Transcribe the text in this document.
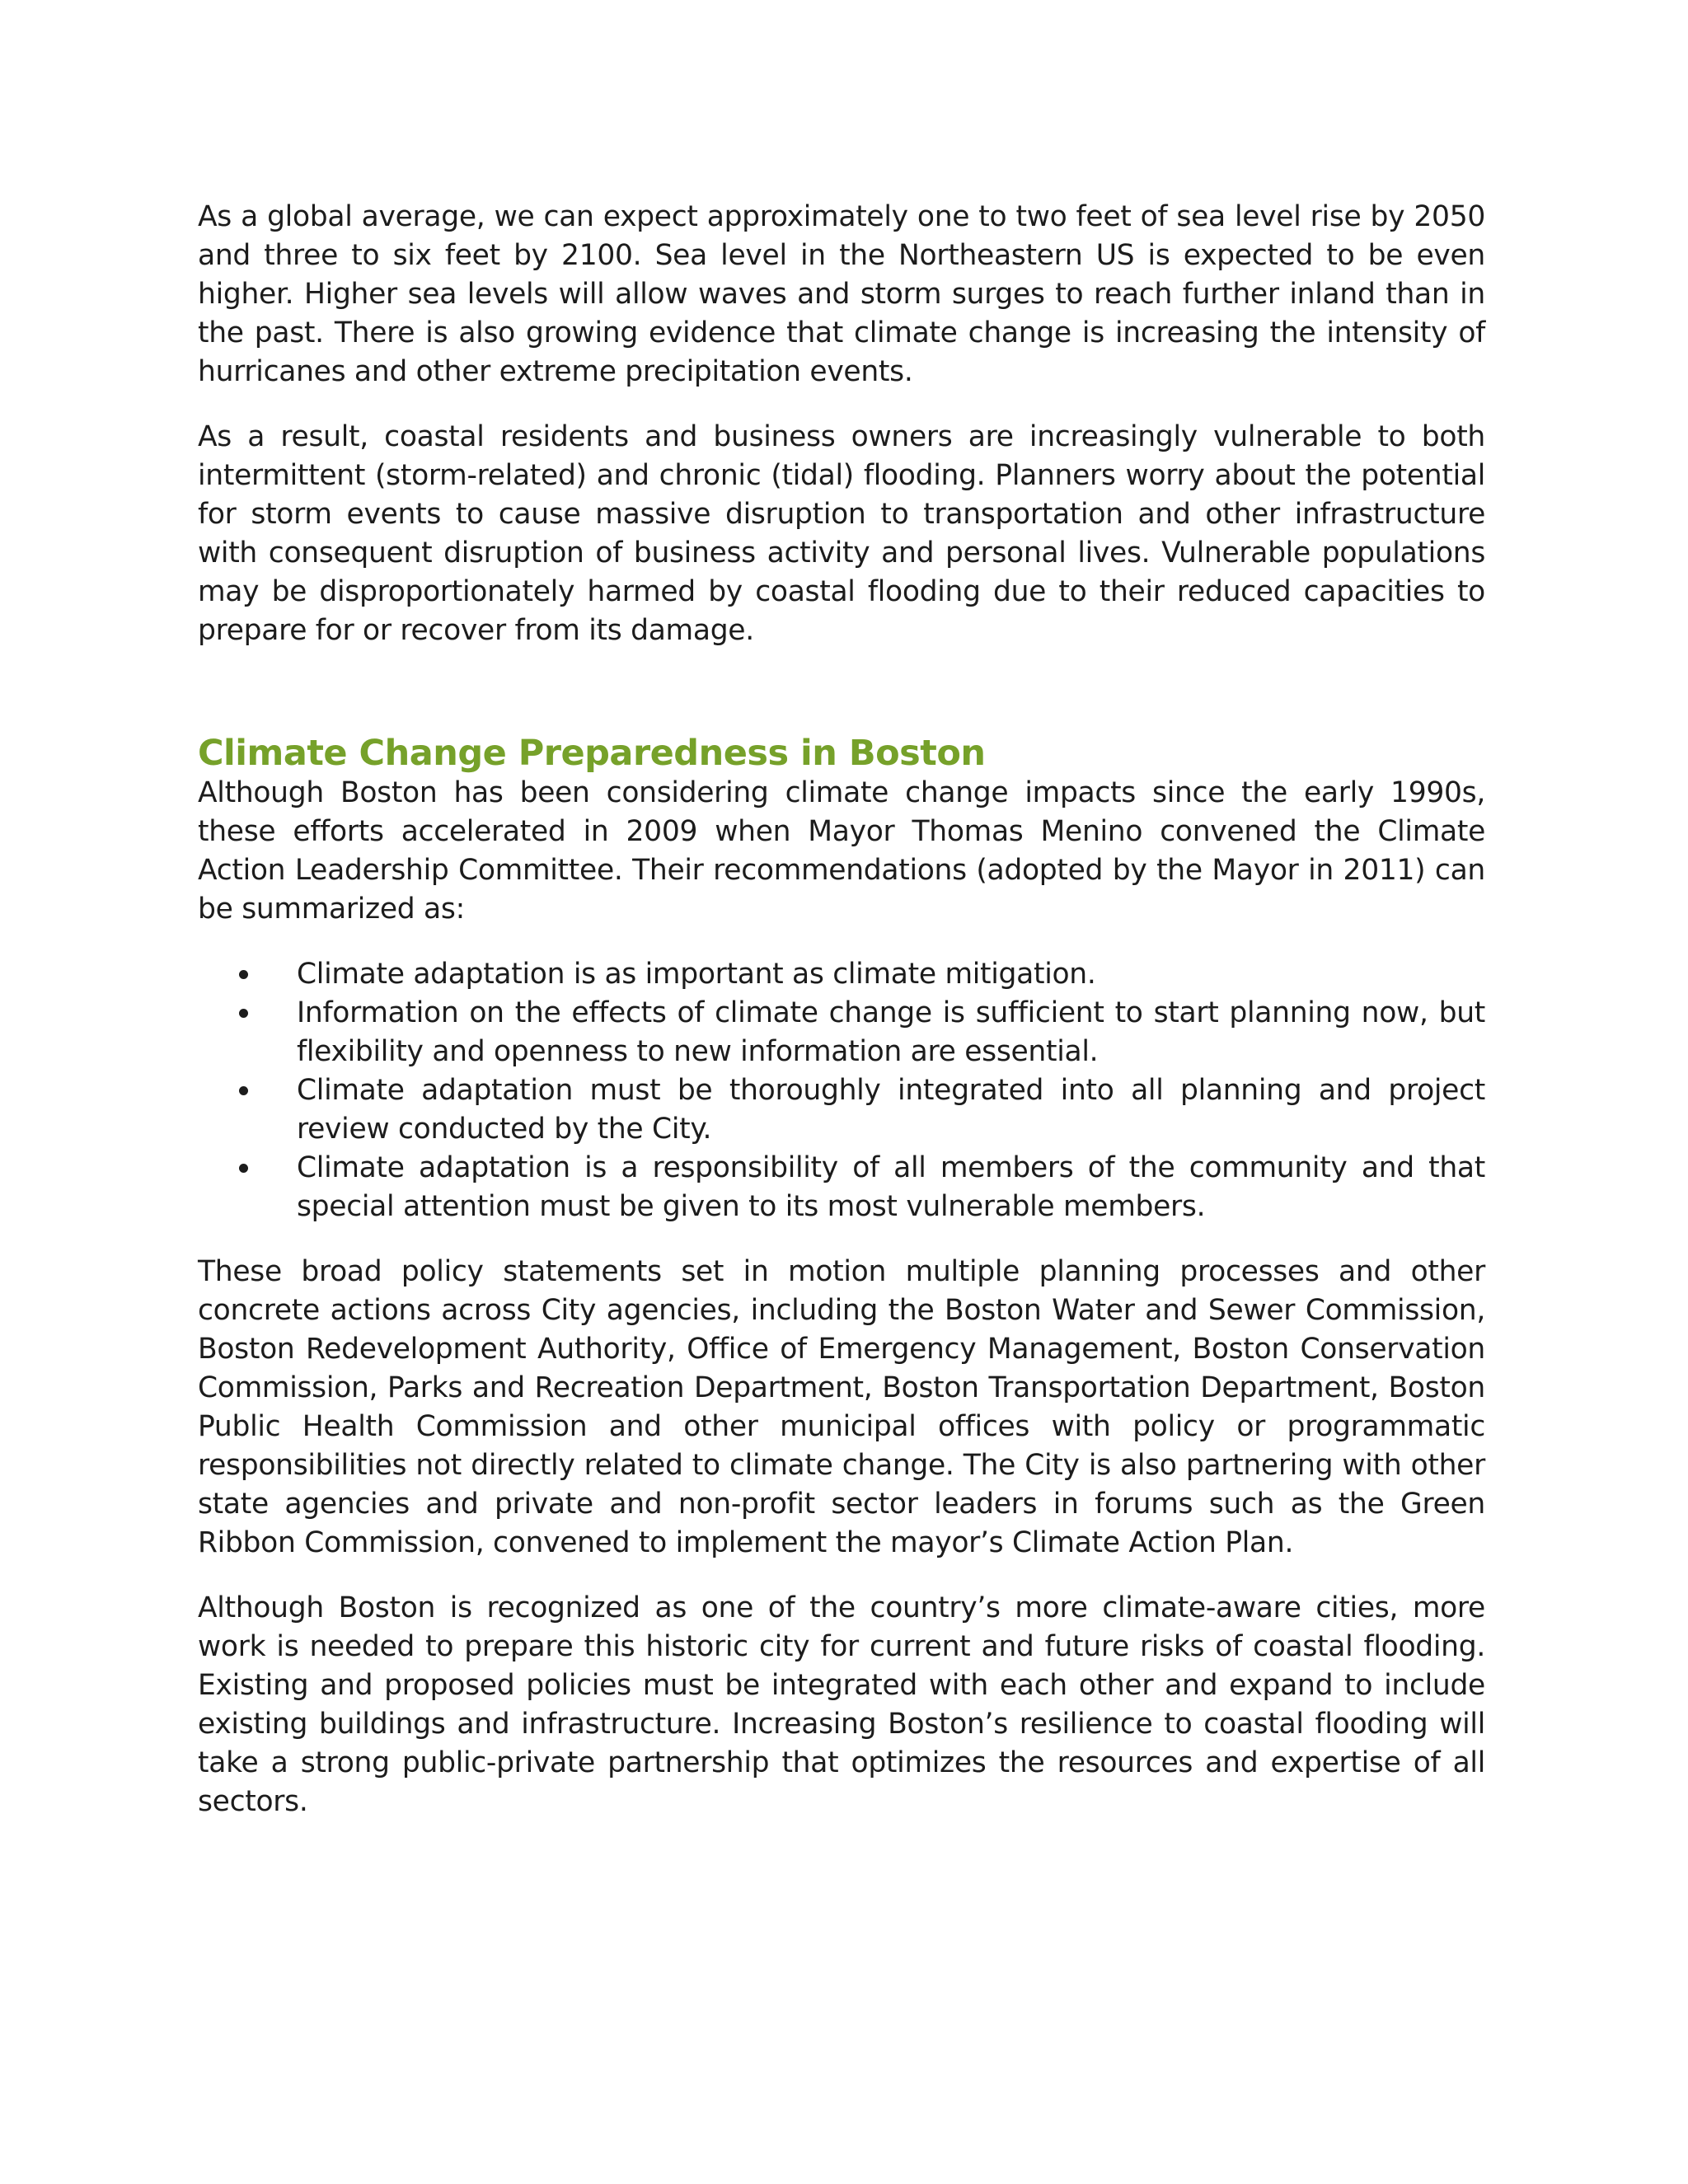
As a global average, we can expect approximately one to two feet of sea level rise by 2050 and three to six feet by 2100. Sea level in the Northeastern US is expected to be even higher. Higher sea levels will allow waves and storm surges to reach further inland than in the past. There is also growing evidence that climate change is increasing the intensity of hurricanes and other extreme precipitation events.

As a result, coastal residents and business owners are increasingly vulnerable to both intermittent (storm-related) and chronic (tidal) flooding. Planners worry about the potential for storm events to cause massive disruption to transportation and other infrastructure with consequent disruption of business activity and personal lives. Vulnerable populations may be disproportionately harmed by coastal flooding due to their reduced capacities to prepare for or recover from its damage.

Climate Change Preparedness in Boston

Although Boston has been considering climate change impacts since the early 1990s, these efforts accelerated in 2009 when Mayor Thomas Menino convened the Climate Action Leadership Committee. Their recommendations (adopted by the Mayor in 2011) can be summarized as:

Climate adaptation is as important as climate mitigation.
Information on the effects of climate change is sufficient to start planning now, but flexibility and openness to new information are essential.
Climate adaptation must be thoroughly integrated into all planning and project review conducted by the City.
Climate adaptation is a responsibility of all members of the community and that special attention must be given to its most vulnerable members.

These broad policy statements set in motion multiple planning processes and other concrete actions across City agencies, including the Boston Water and Sewer Commission, Boston Redevelopment Authority, Office of Emergency Management, Boston Conservation Commission, Parks and Recreation Department, Boston Transportation Department, Boston Public Health Commission and other municipal offices with policy or programmatic responsibilities not directly related to climate change. The City is also partnering with other state agencies and private and non-profit sector leaders in forums such as the Green Ribbon Commission, convened to implement the mayor’s Climate Action Plan.

Although Boston is recognized as one of the country’s more climate-aware cities, more work is needed to prepare this historic city for current and future risks of coastal flooding. Existing and proposed policies must be integrated with each other and expand to include existing buildings and infrastructure. Increasing Boston’s resilience to coastal flooding will take a strong public-private partnership that optimizes the resources and expertise of all sectors.
